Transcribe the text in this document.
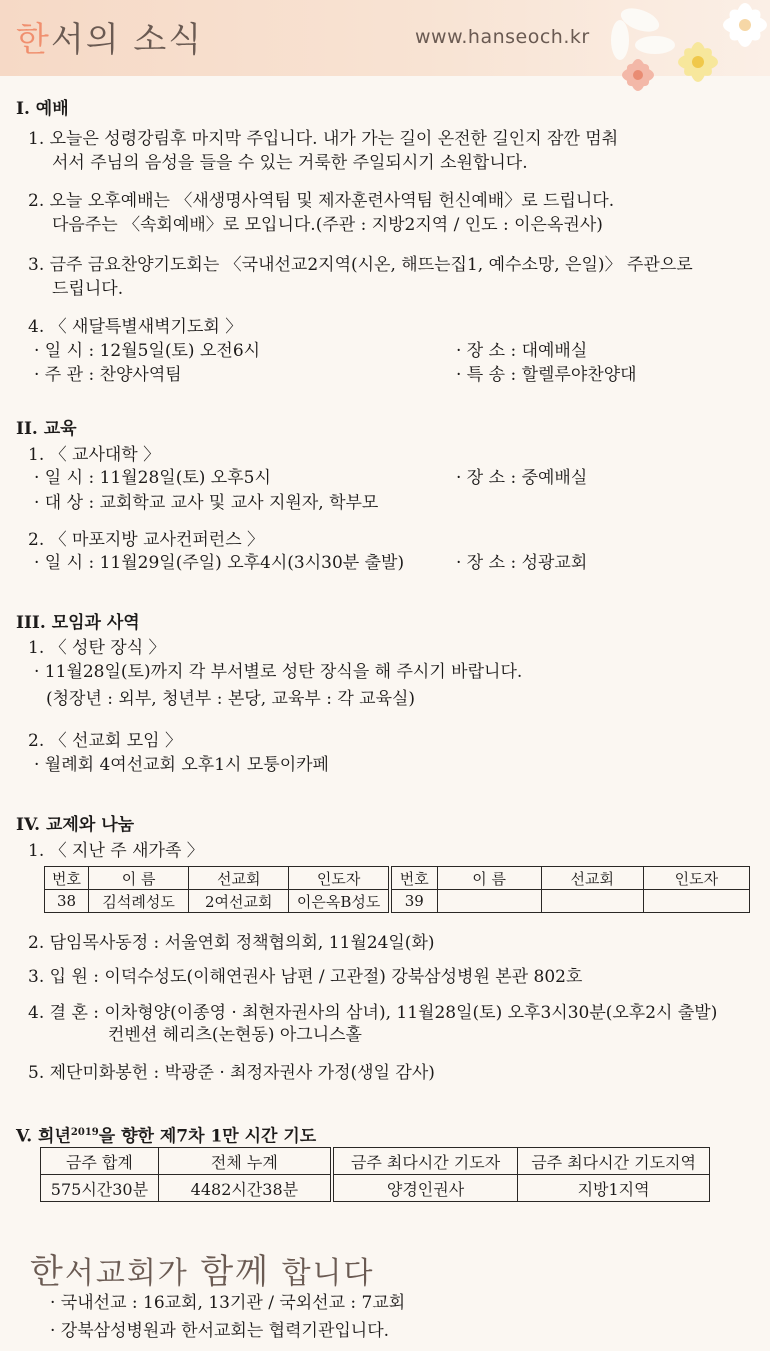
한서의 소식	www.hanseoch.kr
I. 예배
1. 오늘은 성령강림후 마지막 주입니다. 내가 가는 길이 온전한 길인지 잠깐 멈춰
서서 주님의 음성을 들을 수 있는 거룩한 주일되시기 소원합니다.
2. 오늘 오후예배는 〈새생명사역팀 및 제자훈련사역팀 헌신예배〉로 드립니다.
다음주는 〈속회예배〉로 모입니다.(주관 : 지방2지역 / 인도 : 이은옥권사)
3. 금주 금요찬양기도회는 〈국내선교2지역(시온, 해뜨는집1, 예수소망, 은일)〉 주관으로
드립니다.
4. 〈 새달특별새벽기도회 〉
· 일 시 : 12월5일(토) 오전6시	· 장 소 : 대예배실
· 주 관 : 찬양사역팀	· 특 송 : 할렐루야찬양대
II. 교육
1. 〈 교사대학 〉
· 일 시 : 11월28일(토) 오후5시	· 장 소 : 중예배실
· 대 상 : 교회학교 교사 및 교사 지원자, 학부모
2. 〈 마포지방 교사컨퍼런스 〉
· 일 시 : 11월29일(주일) 오후4시(3시30분 출발)	· 장 소 : 성광교회
III. 모임과 사역
1. 〈 성탄 장식 〉
· 11월28일(토)까지 각 부서별로 성탄 장식을 해 주시기 바랍니다.
(청장년 : 외부, 청년부 : 본당, 교육부 : 각 교육실)
2. 〈 선교회 모임 〉
· 월례회 4여선교회 오후1시 모퉁이카페
IV. 교제와 나눔
1. 〈 지난 주 새가족 〉
번호	이 름	선교회	인도자	번호	이 름	선교회	인도자
38	김석례성도	2여선교회	이은옥B성도	39			
2. 담임목사동정 : 서울연회 정책협의회, 11월24일(화)
3. 입 원 : 이덕수성도(이해연권사 남편 / 고관절) 강북삼성병원 본관 802호
4. 결 혼 : 이차형양(이종영 · 최현자권사의 삼녀), 11월28일(토) 오후3시30분(오후2시 출발)
컨벤션 헤리츠(논현동) 아그니스홀
5. 제단미화봉헌 : 박광준 · 최정자권사 가정(생일 감사)
V. 희년$^{2019}$을 향한 제7차 1만 시간 기도
금주 합계	전체 누계	금주 최다시간 기도자	금주 최다시간 기도지역
575시간30분	4482시간38분	양경인권사	지방1지역
한서교회가 함께 합니다
· 국내선교 : 16교회, 13기관 / 국외선교 : 7교회
· 강북삼성병원과 한서교회는 협력기관입니다.
